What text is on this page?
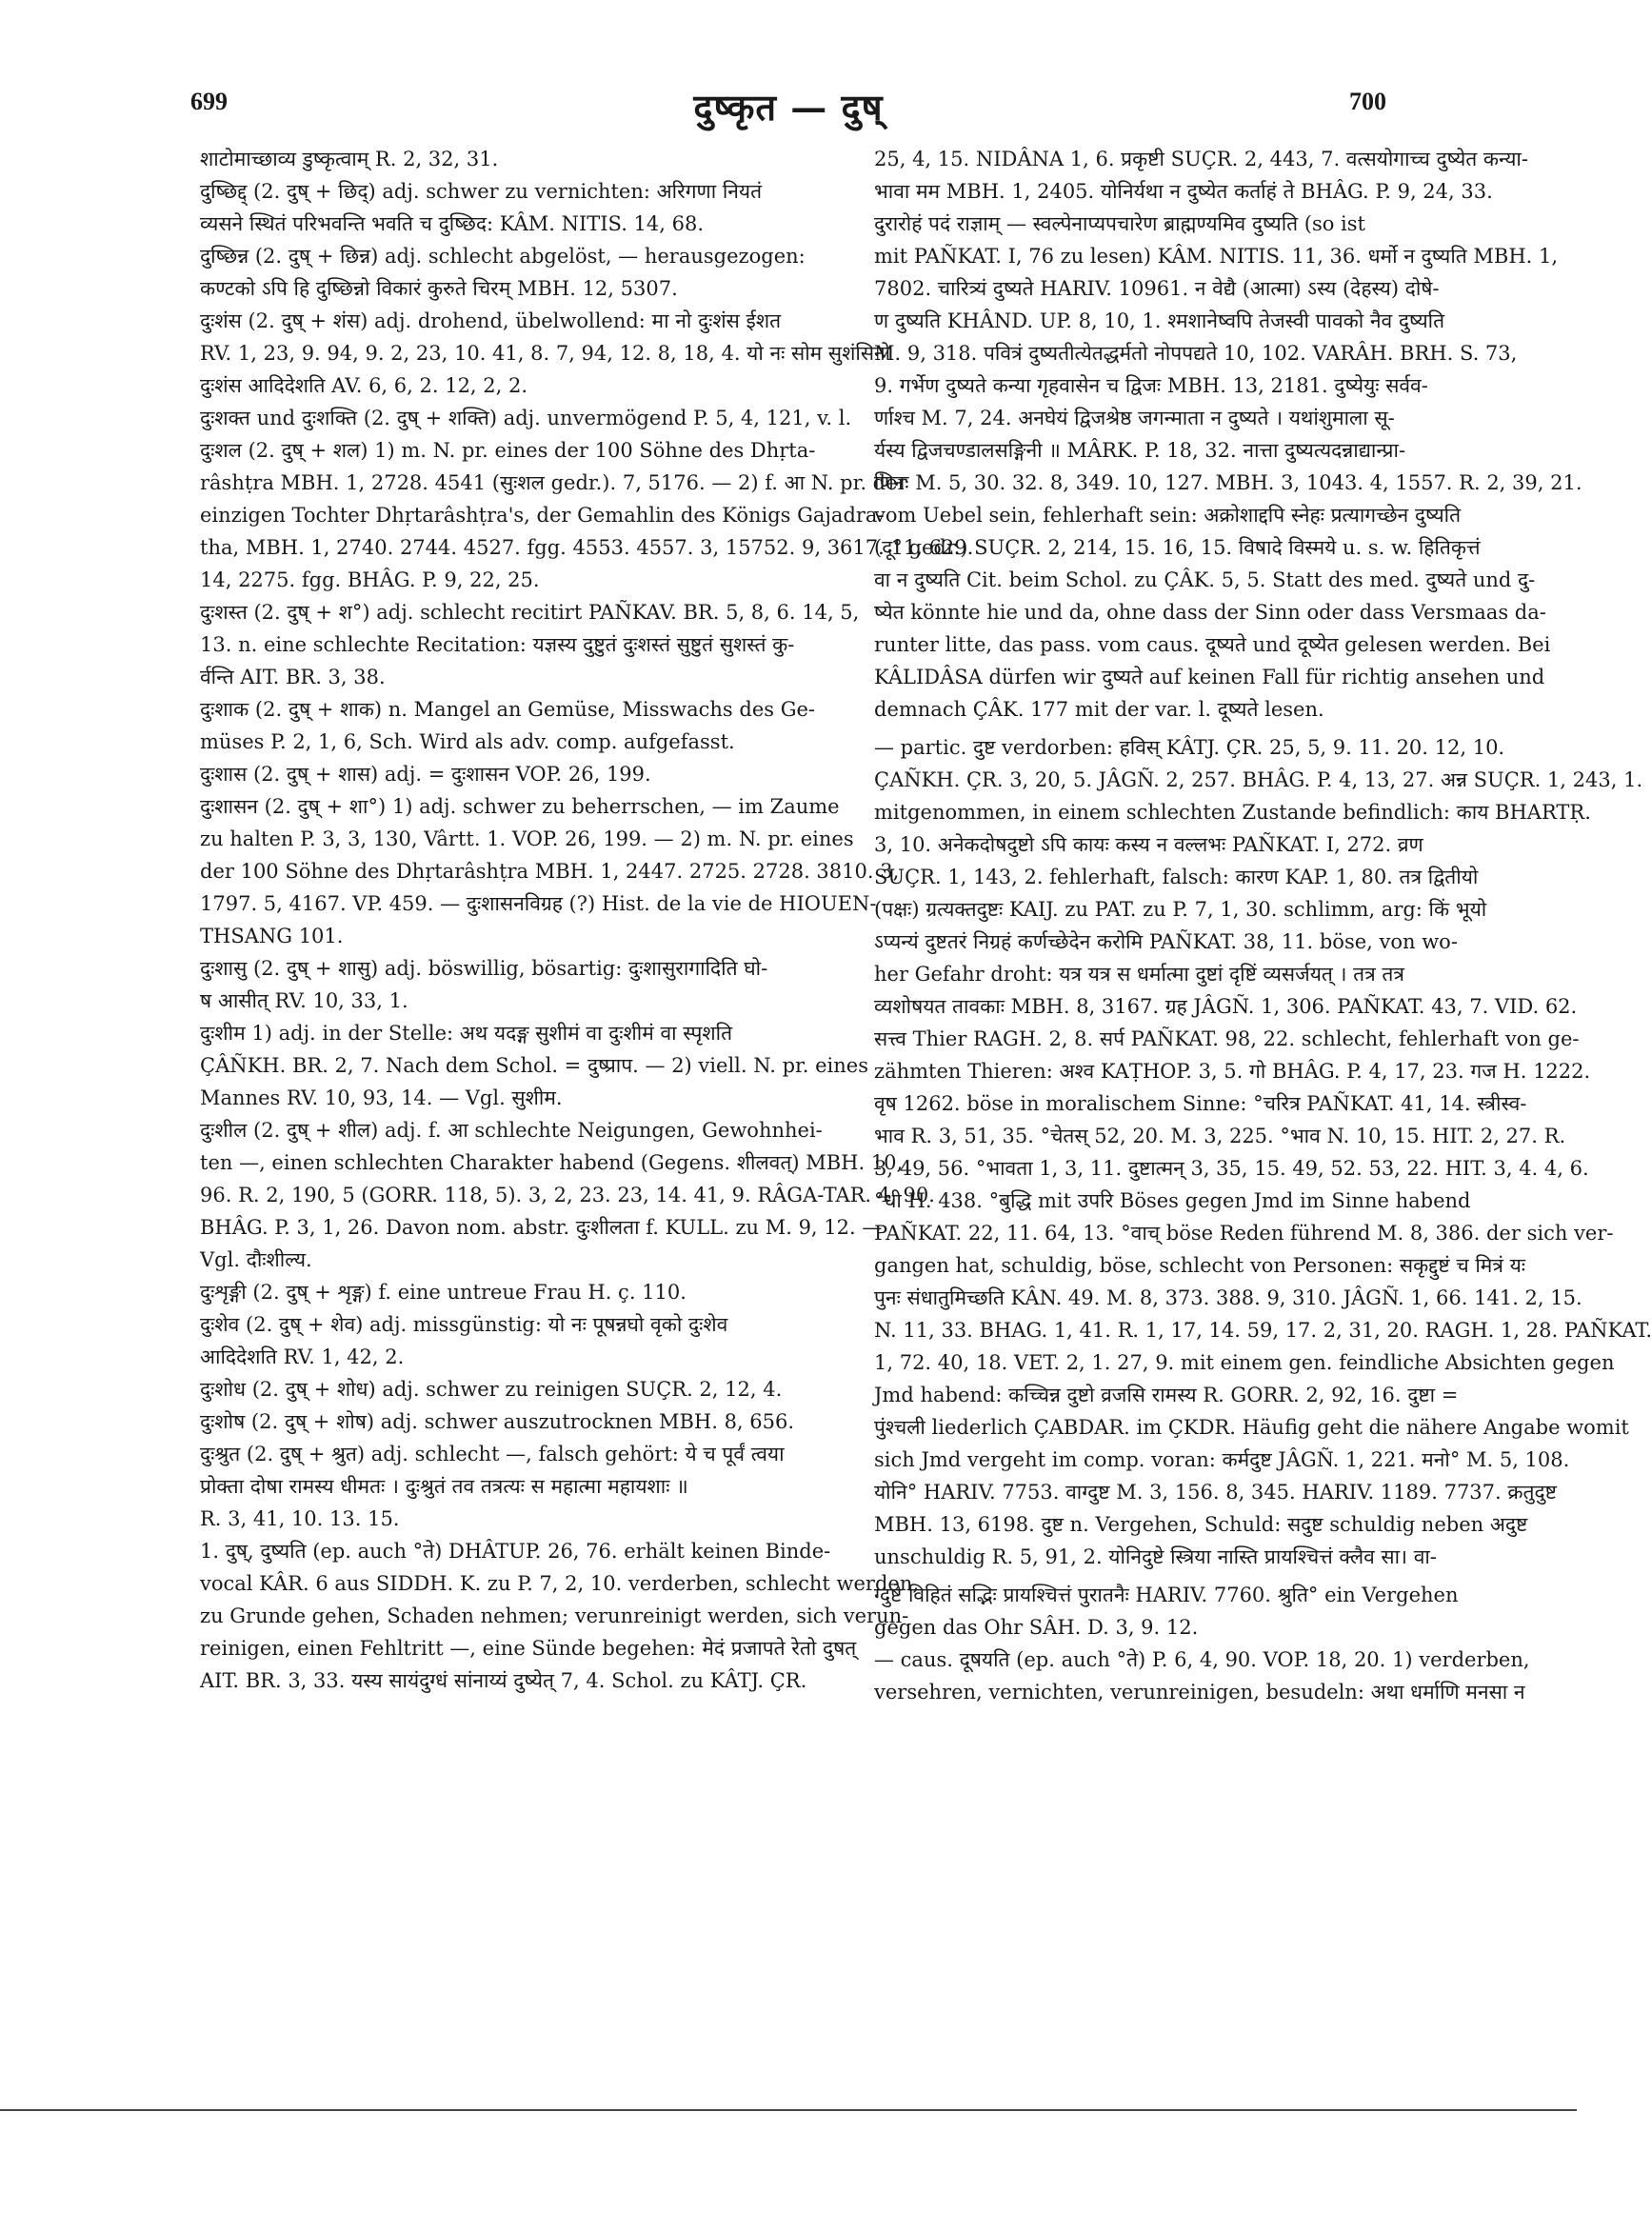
699	दुष्कृत — दुष्	700
शाटोमाच्छाव्य डुष्कृत्वाम् R. 2, 32, 31.
दुष्छिद्द् (2. दुष् + छिद्) adj. schwer zu vernichten: अरिगणा नियतं
व्यसने स्थितं परिभवन्ति भवति च दुष्छिद: KÂM. NITIS. 14, 68.
दुष्छिन्न (2. दुष् + छिन्न) adj. schlecht abgelöst, — herausgezogen:
कण्टको ऽपि हि दुष्छिन्नो विकारं कुरुते चिरम् MBH. 12, 5307.
दुःशंस (2. दुष् + शंस) adj. drohend, übelwollend: मा नो दुःशंस ईशत
RV. 1, 23, 9. 94, 9. 2, 23, 10. 41, 8. 7, 94, 12. 8, 18, 4. यो नः सोम सुशंसिनो
दुःशंस आदिदेशति AV. 6, 6, 2. 12, 2, 2.
दुःशक्त und दुःशक्ति (2. दुष् + शक्ति) adj. unvermögend P. 5, 4, 121, v. l.
दुःशल (2. दुष् + शल) 1) m. N. pr. eines der 100 Söhne des Dhṛta-
râshṭra MBH. 1, 2728. 4541 (सुःशल gedr.). 7, 5176. — 2) f. आ N. pr. der
einzigen Tochter Dhṛtarâshṭra's, der Gemahlin des Königs Gajadra-
tha, MBH. 1, 2740. 2744. 4527. fgg. 4553. 4557. 3, 15752. 9, 3617. 11, 629.
14, 2275. fgg. BHÂG. P. 9, 22, 25.
दुःशस्त (2. दुष् + श°) adj. schlecht recitirt PAÑKAV. BR. 5, 8, 6. 14, 5,
13. n. eine schlechte Recitation: यज्ञस्य दुष्टुतं दुःशस्तं सुष्टुतं सुशस्तं कु-
र्वन्ति AIT. BR. 3, 38.
दुःशाक (2. दुष् + शाक) n. Mangel an Gemüse, Misswachs des Ge-
müses P. 2, 1, 6, Sch. Wird als adv. comp. aufgefasst.
दुःशास (2. दुष् + शास) adj. = दुःशासन VOP. 26, 199.
दुःशासन (2. दुष् + शा°) 1) adj. schwer zu beherrschen, — im Zaume
zu halten P. 3, 3, 130, Vârtt. 1. VOP. 26, 199. — 2) m. N. pr. eines
der 100 Söhne des Dhṛtarâshṭra MBH. 1, 2447. 2725. 2728. 3810. 3,
1797. 5, 4167. VP. 459. — दुःशासनविग्रह (?) Hist. de la vie de HIOUEN-
THSANG 101.
दुःशासु (2. दुष् + शासु) adj. böswillig, bösartig: दुःशासुरागादिति घो-
ष आसीत् RV. 10, 33, 1.
दुःशीम 1) adj. in der Stelle: अथ यदङ्ग सुशीमं वा दुःशीमं वा स्पृशति
ÇÂÑKH. BR. 2, 7. Nach dem Schol. = दुष्प्राप. — 2) viell. N. pr. eines
Mannes RV. 10, 93, 14. — Vgl. सुशीम.
दुःशील (2. दुष् + शील) adj. f. आ schlechte Neigungen, Gewohnhei-
ten —, einen schlechten Charakter habend (Gegens. शीलवत्) MBH. 10,
96. R. 2, 190, 5 (GORR. 118, 5). 3, 2, 23. 23, 14. 41, 9. RÂGA-TAR. 4, 90.
BHÂG. P. 3, 1, 26. Davon nom. abstr. दुःशीलता f. KULL. zu M. 9, 12. —
Vgl. दौःशील्य.
दुःशृङ्गी (2. दुष् + शृङ्ग) f. eine untreue Frau H. ç. 110.
दुःशेव (2. दुष् + शेव) adj. missgünstig: यो नः पूषन्नघो वृको दुःशेव
आदिदेशति RV. 1, 42, 2.
दुःशोध (2. दुष् + शोध) adj. schwer zu reinigen SUÇR. 2, 12, 4.
दुःशोष (2. दुष् + शोष) adj. schwer auszutrocknen MBH. 8, 656.
दुःश्रुत (2. दुष् + श्रुत) adj. schlecht —, falsch gehört: ये च पूर्वं त्वया
प्रोक्ता दोषा रामस्य धीमतः । दुःश्रुतं तव तत्रत्यः स महात्मा महायशाः ॥
R. 3, 41, 10. 13. 15.
1. दुष्, दुष्यति (ep. auch °ते) DHÂTUP. 26, 76. erhält keinen Binde-
vocal KÂR. 6 aus SIDDH. K. zu P. 7, 2, 10. verderben, schlecht werden,
zu Grunde gehen, Schaden nehmen; verunreinigt werden, sich verun-
reinigen, einen Fehltritt —, eine Sünde begehen: मेदं प्रजापते रेतो दुषत्
AIT. BR. 3, 33. यस्य सायंदुग्धं सांनाय्यं दुष्येत् 7, 4. Schol. zu KÂTJ. ÇR.
25, 4, 15. NIDÂNA 1, 6. प्रकृष्टी SUÇR. 2, 443, 7. वत्सयोगाच्च दुष्येत कन्या-
भावा मम MBH. 1, 2405. योनिर्यथा न दुष्येत कर्ताहं ते BHÂG. P. 9, 24, 33.
दुरारोहं पदं राज्ञाम् — स्वल्पेनाप्यपचारेण ब्राह्मण्यमिव दुष्यति (so ist
mit PAÑKAT. I, 76 zu lesen) KÂM. NITIS. 11, 36. धर्मो न दुष्यति MBH. 1,
7802. चारित्र्यं दुष्यते HARIV. 10961. न वेद्यै (आत्मा) ऽस्य (देहस्य) दोषे-
ण दुष्यति KHÂND. UP. 8, 10, 1. श्मशानेष्वपि तेजस्वी पावको नैव दुष्यति
M. 9, 318. पवित्रं दुष्यतीत्येतद्धर्मतो नोपपद्यते 10, 102. VARÂH. BRH. S. 73,
9. गर्भेण दुष्यते कन्या गृहवासेन च द्विजः MBH. 13, 2181. दुष्येयुः सर्वव-
र्णाश्च M. 7, 24. अनघेयं द्विजश्रेष्ठ जगन्माता न दुष्यते । यथांशुमाला सू-
र्यस्य द्विजचण्डालसङ्गिनी ॥ MÂRK. P. 18, 32. नात्ता दुष्यत्यदन्नाद्यान्प्रा-
णिनः M. 5, 30. 32. 8, 349. 10, 127. MBH. 3, 1043. 4, 1557. R. 2, 39, 21.
vom Uebel sein, fehlerhaft sein: अक्रोशाद्दपि स्नेहः प्रत्यागच्छेन दुष्यति
(दू° gedr.) SUÇR. 2, 214, 15. 16, 15. विषादे विस्मये u. s. w. हितिकृत्तं
वा न दुष्यति Cit. beim Schol. zu ÇÂK. 5, 5. Statt des med. दुष्यते und दु-
ष्येत könnte hie und da, ohne dass der Sinn oder dass Versmaas da-
runter litte, das pass. vom caus. दूष्यते und दूष्येत gelesen werden. Bei
KÂLIDÂSA dürfen wir दुष्यते auf keinen Fall für richtig ansehen und
demnach ÇÂK. 177 mit der var. l. दूष्यते lesen.
— partic. दुष्ट verdorben: हविस् KÂTJ. ÇR. 25, 5, 9. 11. 20. 12, 10.
ÇAÑKH. ÇR. 3, 20, 5. JÂGÑ. 2, 257. BHÂG. P. 4, 13, 27. अन्न SUÇR. 1, 243, 1.
mitgenommen, in einem schlechten Zustande befindlich: काय BHARTṚ.
3, 10. अनेकदोषदुष्टो ऽपि कायः कस्य न वल्लभः PAÑKAT. I, 272. व्रण
SUÇR. 1, 143, 2. fehlerhaft, falsch: कारण KAP. 1, 80. तत्र द्वितीयो
(पक्षः) ग्रत्यक्तदुष्टः KAIJ. zu PAT. zu P. 7, 1, 30. schlimm, arg: किं भूयो
ऽप्यन्यं दुष्टतरं निग्रहं कर्णच्छेदेन करोमि PAÑKAT. 38, 11. böse, von wo-
her Gefahr droht: यत्र यत्र स धर्मात्मा दुष्टां दृष्टिं व्यसर्जयत् । तत्र तत्र
व्यशोषयत तावकाः MBH. 8, 3167. ग्रह JÂGÑ. 1, 306. PAÑKAT. 43, 7. VID. 62.
सत्त्व Thier RAGH. 2, 8. सर्प PAÑKAT. 98, 22. schlecht, fehlerhaft von ge-
zähmten Thieren: अश्व KAṬHOP. 3, 5. गो BHÂG. P. 4, 17, 23. गज H. 1222.
वृष 1262. böse in moralischem Sinne: °चरित्र PAÑKAT. 41, 14. स्त्रीस्व-
भाव R. 3, 51, 35. °चेतस् 52, 20. M. 3, 225. °भाव N. 10, 15. HIT. 2, 27. R.
3, 49, 56. °भावता 1, 3, 11. दुष्टात्मन् 3, 35, 15. 49, 52. 53, 22. HIT. 3, 4. 4, 6.
°धी H. 438. °बुद्धि mit उपरि Böses gegen Jmd im Sinne habend
PAÑKAT. 22, 11. 64, 13. °वाच् böse Reden führend M. 8, 386. der sich ver-
gangen hat, schuldig, böse, schlecht von Personen: सकृद्दुष्टं च मित्रं यः
पुनः संधातुमिच्छति KÂN. 49. M. 8, 373. 388. 9, 310. JÂGÑ. 1, 66. 141. 2, 15.
N. 11, 33. BHAG. 1, 41. R. 1, 17, 14. 59, 17. 2, 31, 20. RAGH. 1, 28. PAÑKAT.
1, 72. 40, 18. VET. 2, 1. 27, 9. mit einem gen. feindliche Absichten gegen
Jmd habend: कच्चिन्न दुष्टो व्रजसि रामस्य R. GORR. 2, 92, 16. दुष्टा =
पुंश्चली liederlich ÇABDAR. im ÇKDR. Häufig geht die nähere Angabe womit
sich Jmd vergeht im comp. voran: कर्मदुष्ट JÂGÑ. 1, 221. मनो° M. 5, 108.
योनि° HARIV. 7753. वाग्दुष्ट M. 3, 156. 8, 345. HARIV. 1189. 7737. क्रतुदुष्ट
MBH. 13, 6198. दुष्ट n. Vergehen, Schuld: सदुष्ट schuldig neben अदुष्ट
unschuldig R. 5, 91, 2. योनिदुष्टे स्त्रिया नास्ति प्रायश्चित्तं क्लैव सा। वा-
ग्दुष्टे विहितं सद्भिः प्रायश्चित्तं पुरातनैः HARIV. 7760. श्रुति° ein Vergehen
gegen das Ohr SÂH. D. 3, 9. 12.
— caus. दूषयति (ep. auch °ते) P. 6, 4, 90. VOP. 18, 20. 1) verderben,
versehren, vernichten, verunreinigen, besudeln: अथा धर्माणि मनसा न
